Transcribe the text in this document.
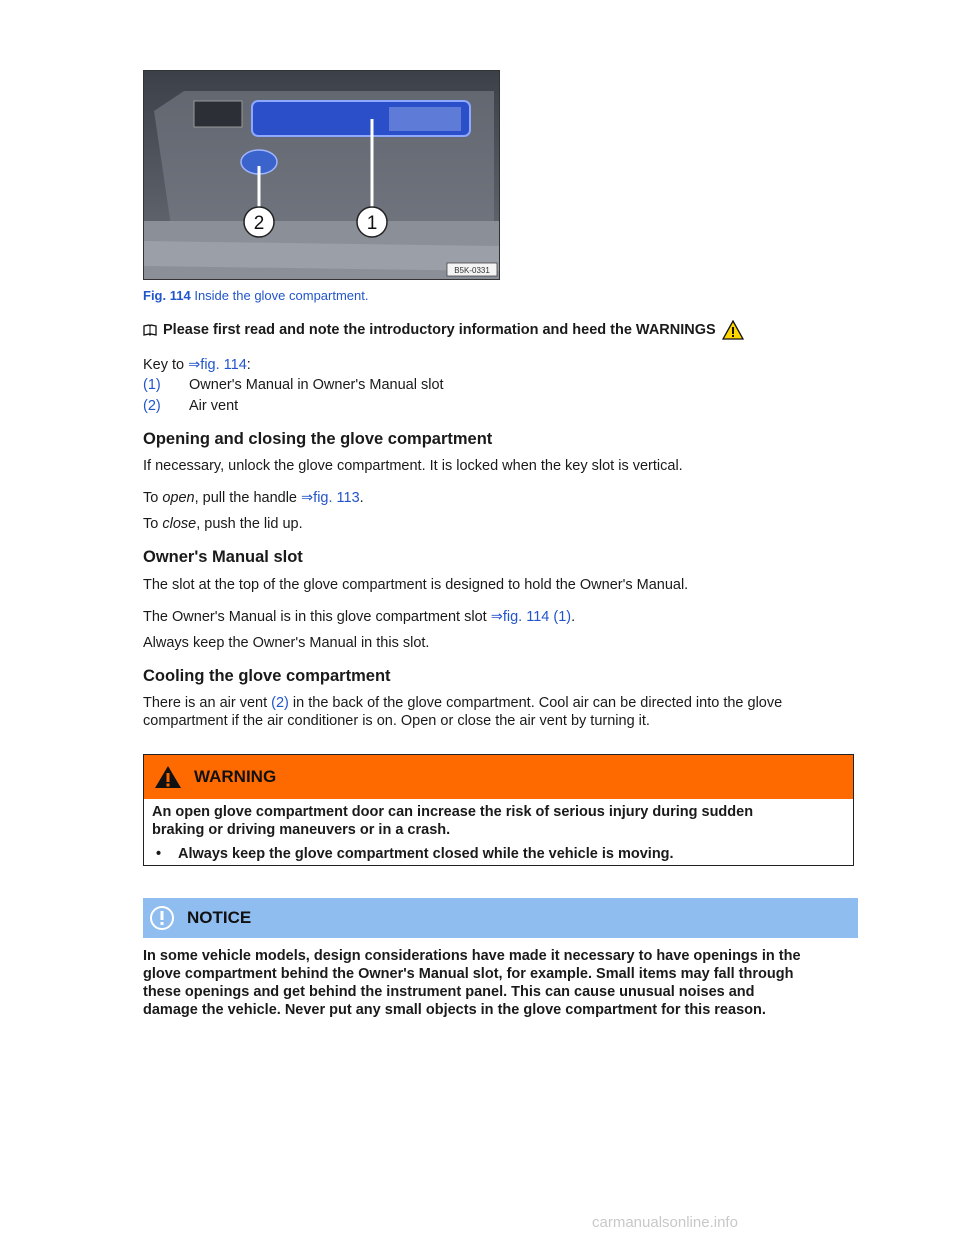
1
2
B5K-0331
Fig. 114 Inside the glove compartment.
Please first read and note the introductory information and heed the WARNINGS
Key to ⇒fig. 114:
(1) Owner's Manual in Owner's Manual slot
(2) Air vent
Opening and closing the glove compartment
If necessary, unlock the glove compartment. It is locked when the key slot is vertical.
To open, pull the handle ⇒fig. 113.
To close, push the lid up.
Owner's Manual slot
The slot at the top of the glove compartment is designed to hold the Owner's Manual.
The Owner's Manual is in this glove compartment slot ⇒fig. 114 (1).
Always keep the Owner's Manual in this slot.
Cooling the glove compartment
There is an air vent (2) in the back of the glove compartment. Cool air can be directed into the glove
compartment if the air conditioner is on. Open or close the air vent by turning it.
WARNING
An open glove compartment door can increase the risk of serious injury during sudden
braking or driving maneuvers or in a crash.
•	Always keep the glove compartment closed while the vehicle is moving.
NOTICE
In some vehicle models, design considerations have made it necessary to have openings in the
glove compartment behind the Owner's Manual slot, for example. Small items may fall through
these openings and get behind the instrument panel. This can cause unusual noises and
damage the vehicle. Never put any small objects in the glove compartment for this reason.
carmanualsonline.info
